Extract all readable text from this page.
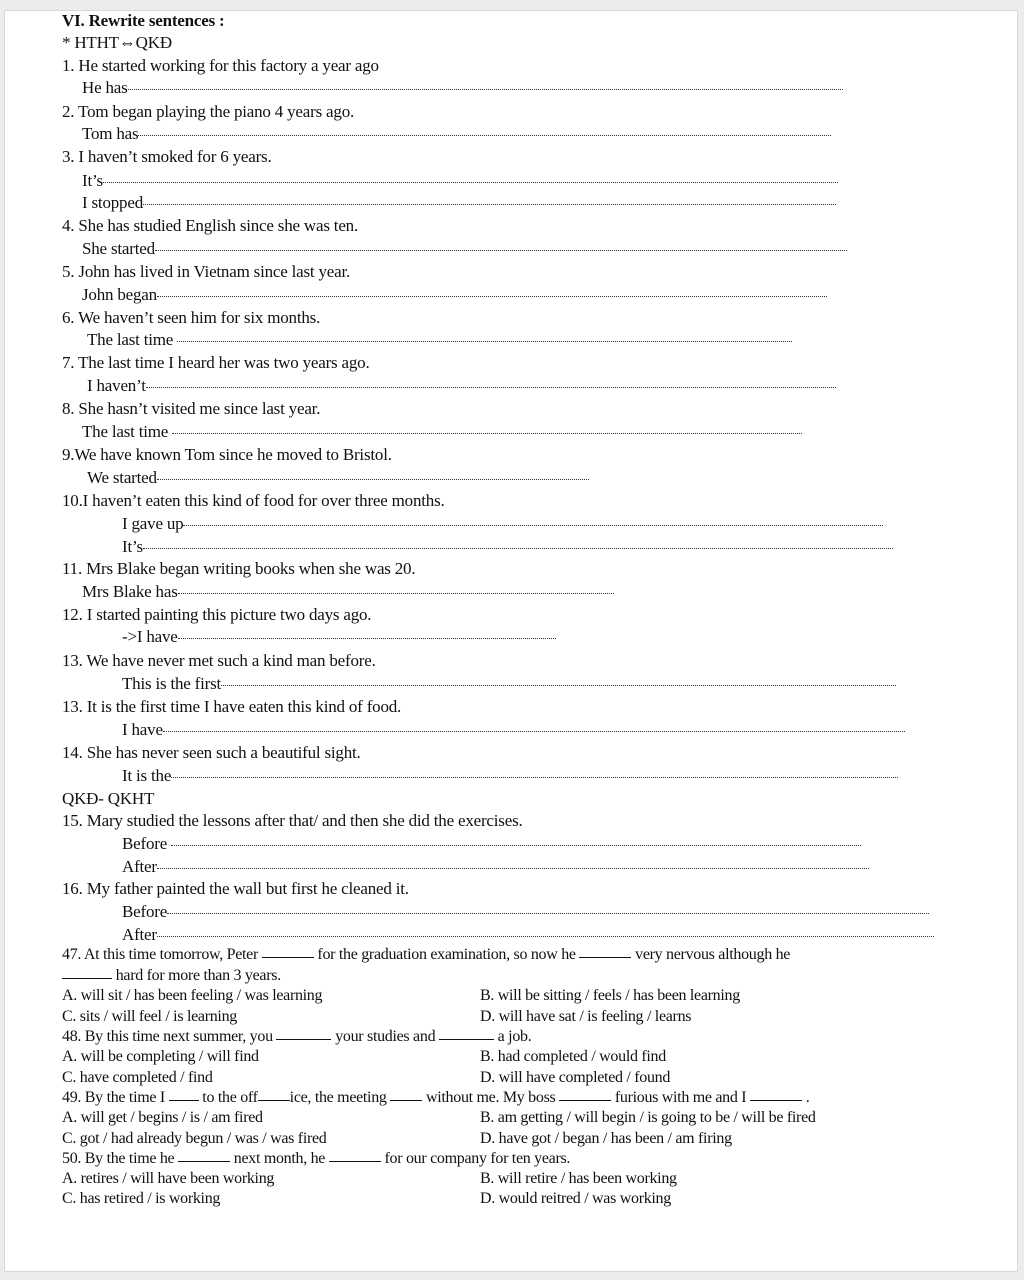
VI. Rewrite sentences :
* HTHT⇔QKĐ
1. He started working for this factory a year ago
He has
2. Tom began playing the piano 4 years ago.
Tom has
3. I haven’t smoked for 6 years.
It’s
I stopped
4. She has studied English since she was ten.
She started
5. John has lived in Vietnam since last year.
John began
6. We haven’t seen him for six months.
The last time
7. The last time I heard her was two years ago.
I haven’t
8. She hasn’t visited me since last year.
The last time
9.We have known Tom since he moved to Bristol.
We started
10.I haven’t eaten this kind of food for over three months.
I gave up
It’s
11. Mrs Blake began writing books when she was 20.
Mrs Blake has
12. I started painting this picture two days ago.
->I have
13. We have never met such a kind man before.
This is the first
13. It is the first time I have eaten this kind of food.
I have
14. She has never seen such a beautiful sight.
It is the
QKĐ- QKHT
15. Mary studied the lessons after that/ and then she did the exercises.
Before
After
16. My father painted the wall but first he cleaned it.
Before
After
47. At this time tomorrow, Peter	for the graduation examination, so now he	very nervous although he
hard for more than 3 years.
A. will sit / has been feeling / was learning	B. will be sitting / feels / has been learning
C. sits / will feel / is learning	D. will have sat / is feeling / learns
48. By this time next summer, you	your studies and	a job.
A. will be completing / will find	B. had completed / would find
C. have completed / find	D. will have completed / found
49. By the time I to the off ice, the meeting without me. My boss	furious with me and I	.
A. will get / begins / is / am fired	B. am getting / will begin / is going to be / will be fired
C. got / had already begun / was / was fired	D. have got / began / has been / am firing
50. By the time he	next month, he	for our company for ten years.
A. retires / will have been working	B. will retire / has been working
C. has retired / is working	D. would reitred / was working
